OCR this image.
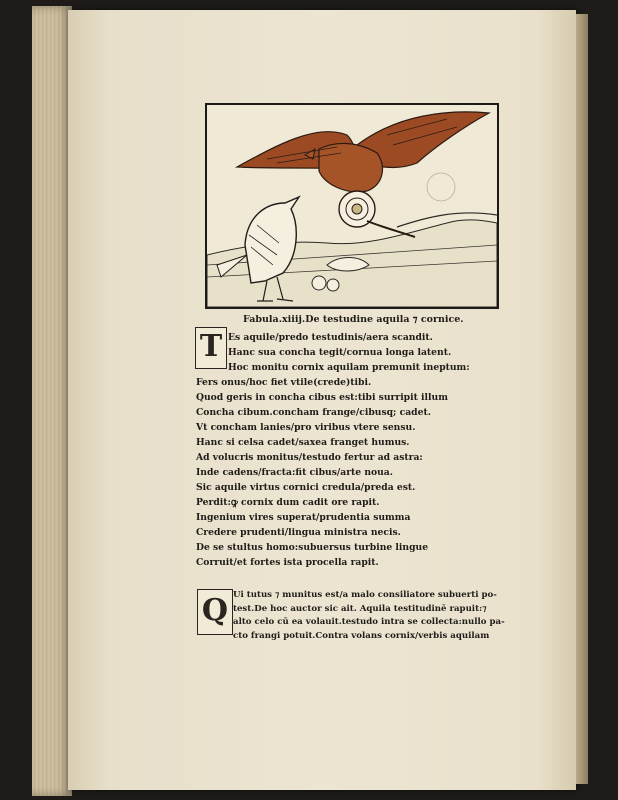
Fabula.xiiij.De testudine aquila ⁊ cornice.
T Es aquile/predo testudinis/aera scandit.
Hanc sua concha tegit/cornua longa latent.
Hoc monitu cornix aquilam premunit ineptum:
Fers onus/hoc fiet vtile(crede)tibi.
Quod geris in concha cibus est:tibi surripit illum
Concha cibum.concham frange/cibusq; cadet.
Vt concham lanies/pro viribus vtere sensu.
Hanc si celsa cadet/saxea franget humus.
Ad volucris monitus/testudo fertur ad astra:
Inde cadens/fracta:fit cibus/arte noua.
Sic aquile virtus cornici credula/preda est.
Perdit:ꝙ cornix dum cadit ore rapit.
Ingenium vires superat/prudentia summa
Credere prudenti/lingua ministra necis.
De se stultus homo:subuersus turbine lingue
Corruit/et fortes ista procella rapit.
Q Ui tutus ⁊ munitus est/a malo consiliatore subuerti po-
test.De hoc auctor sic ait. Aquila testitudinē rapuit:⁊
alto celo cū ea volauit.testudo intra se collecta:nullo pa-
cto frangi potuit.Contra volans cornix/verbis aquilam
